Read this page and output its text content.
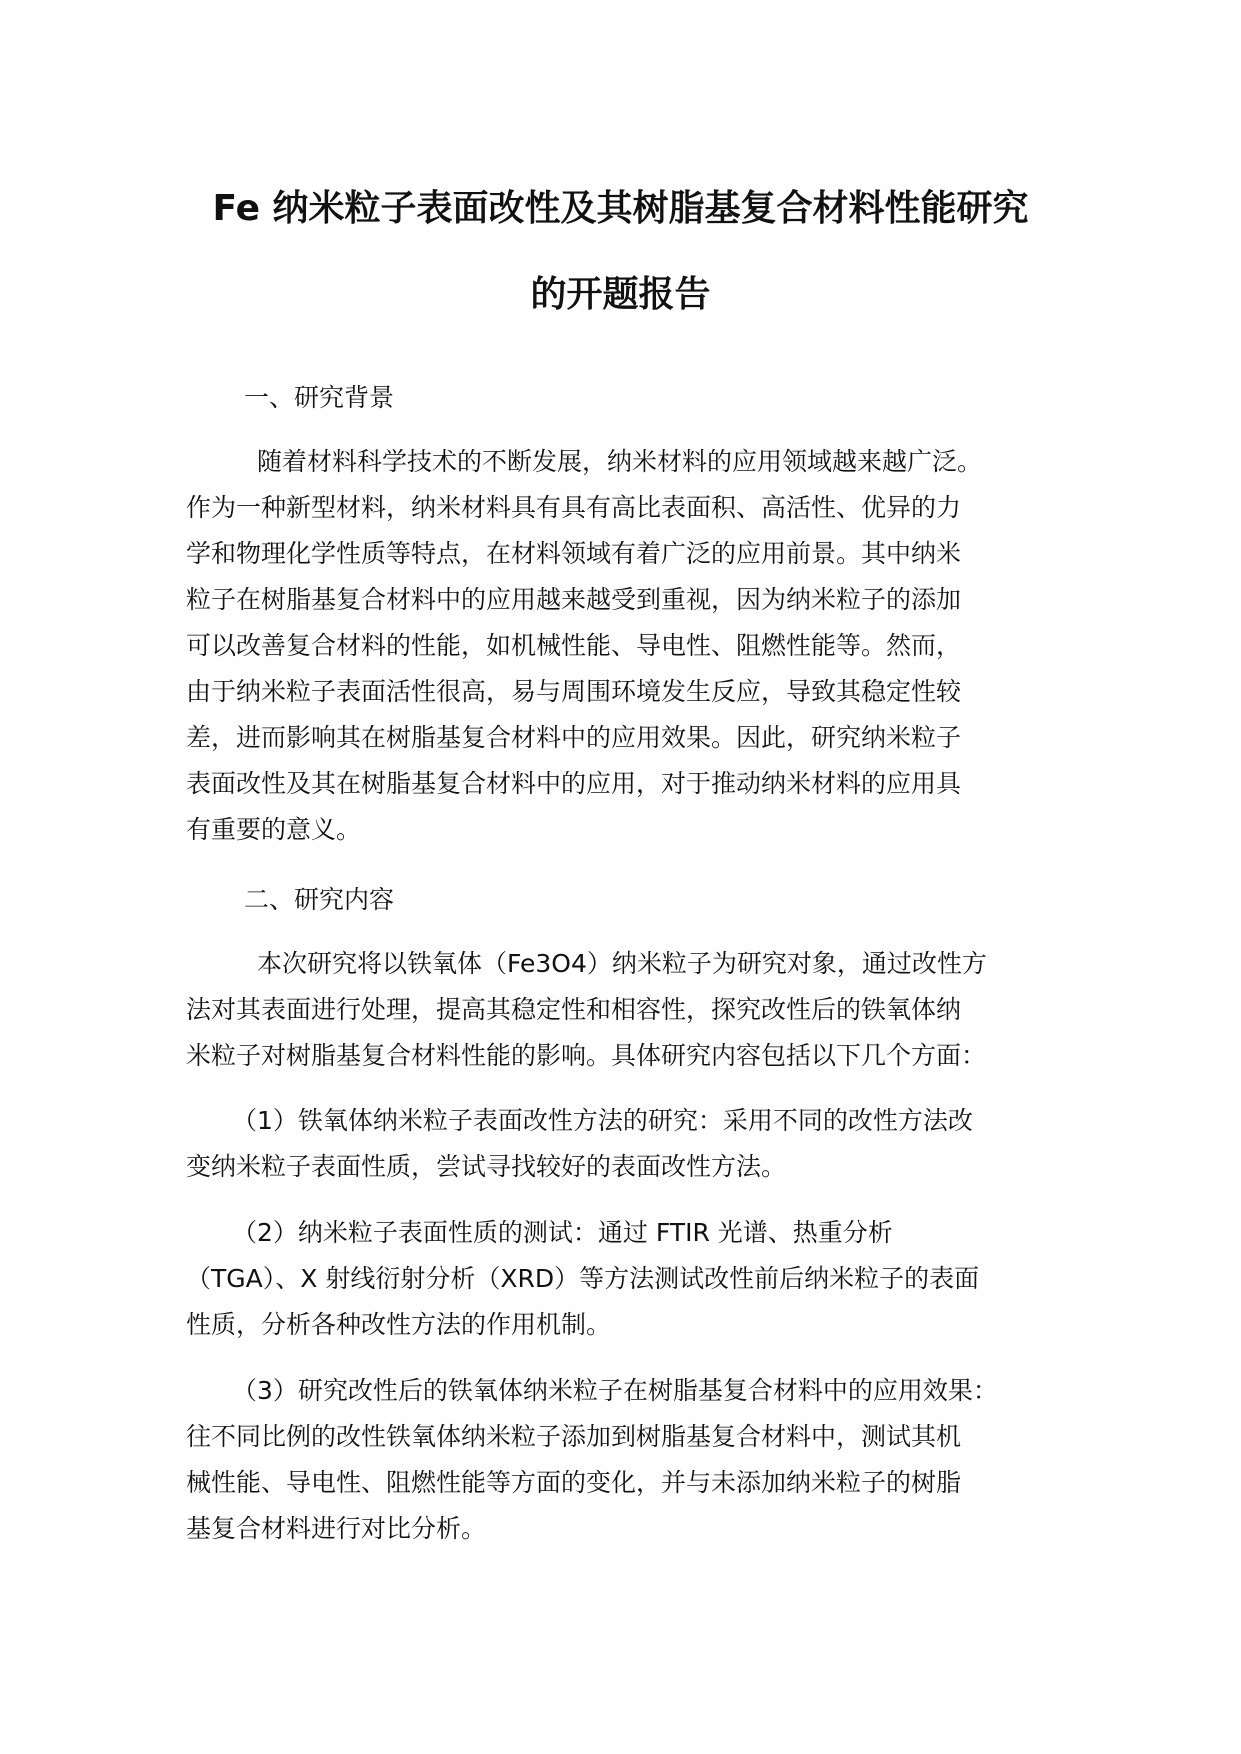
Fe 纳米粒子表面改性及其树脂基复合材料性能研究
的开题报告
一、研究背景
　随着材料科学技术的不断发展，纳米材料的应用领域越来越广泛。
作为一种新型材料，纳米材料具有具有高比表面积、高活性、优异的力
学和物理化学性质等特点，在材料领域有着广泛的应用前景。其中纳米
粒子在树脂基复合材料中的应用越来越受到重视，因为纳米粒子的添加
可以改善复合材料的性能，如机械性能、导电性、阻燃性能等。然而，
由于纳米粒子表面活性很高，易与周围环境发生反应，导致其稳定性较
差，进而影响其在树脂基复合材料中的应用效果。因此，研究纳米粒子
表面改性及其在树脂基复合材料中的应用，对于推动纳米材料的应用具
有重要的意义。
二、研究内容
　本次研究将以铁氧体（Fe3O4）纳米粒子为研究对象，通过改性方
法对其表面进行处理，提高其稳定性和相容性，探究改性后的铁氧体纳
米粒子对树脂基复合材料性能的影响。具体研究内容包括以下几个方面：
（1）铁氧体纳米粒子表面改性方法的研究：采用不同的改性方法改
变纳米粒子表面性质，尝试寻找较好的表面改性方法。
（2）纳米粒子表面性质的测试：通过 FTIR 光谱、热重分析
（TGA）、X 射线衍射分析（XRD）等方法测试改性前后纳米粒子的表面
性质，分析各种改性方法的作用机制。
（3）研究改性后的铁氧体纳米粒子在树脂基复合材料中的应用效果：
往不同比例的改性铁氧体纳米粒子添加到树脂基复合材料中，测试其机
械性能、导电性、阻燃性能等方面的变化，并与未添加纳米粒子的树脂
基复合材料进行对比分析。
